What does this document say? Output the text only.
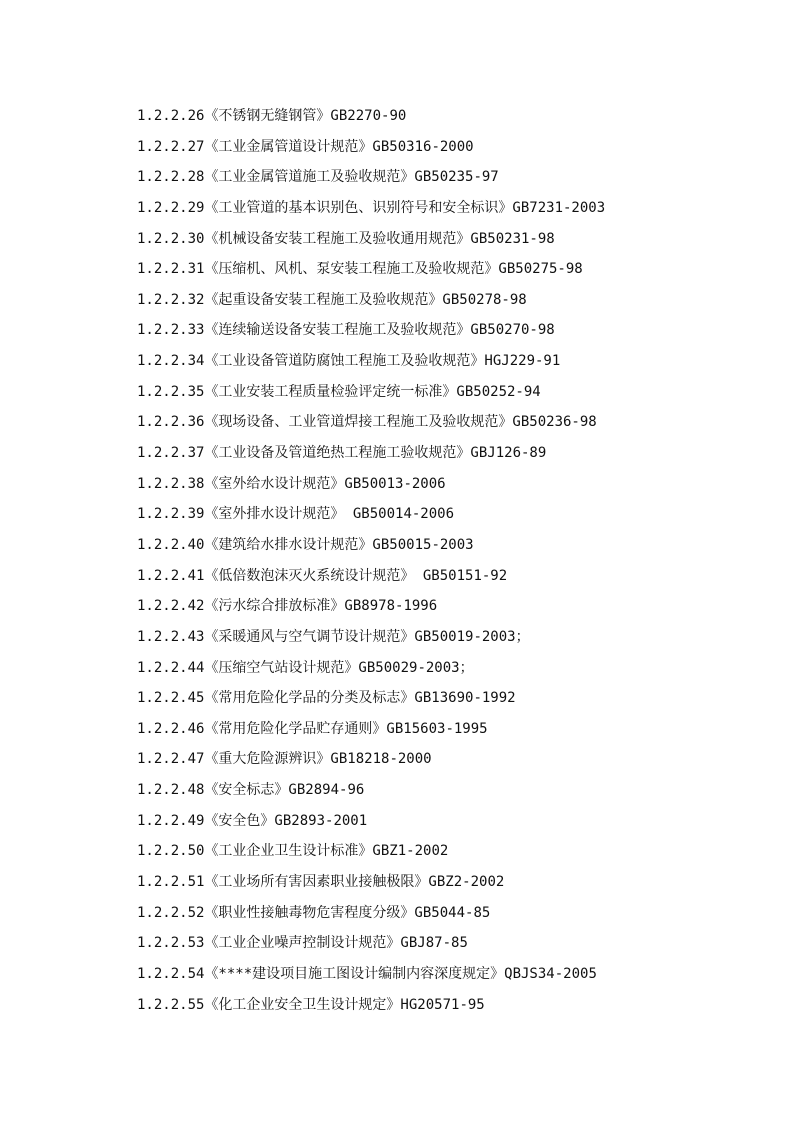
1.2.2.26《不锈钢无缝钢管》GB2270-90
1.2.2.27《工业金属管道设计规范》GB50316-2000
1.2.2.28《工业金属管道施工及验收规范》GB50235-97
1.2.2.29《工业管道的基本识别色、识别符号和安全标识》GB7231-2003
1.2.2.30《机械设备安装工程施工及验收通用规范》GB50231-98
1.2.2.31《压缩机、风机、泵安装工程施工及验收规范》GB50275-98
1.2.2.32《起重设备安装工程施工及验收规范》GB50278-98
1.2.2.33《连续输送设备安装工程施工及验收规范》GB50270-98
1.2.2.34《工业设备管道防腐蚀工程施工及验收规范》HGJ229-91
1.2.2.35《工业安装工程质量检验评定统一标准》GB50252-94
1.2.2.36《现场设备、工业管道焊接工程施工及验收规范》GB50236-98
1.2.2.37《工业设备及管道绝热工程施工验收规范》GBJ126-89
1.2.2.38《室外给水设计规范》GB50013-2006
1.2.2.39《室外排水设计规范》 GB50014-2006
1.2.2.40《建筑给水排水设计规范》GB50015-2003
1.2.2.41《低倍数泡沫灭火系统设计规范》 GB50151-92
1.2.2.42《污水综合排放标准》GB8978-1996
1.2.2.43《采暖通风与空气调节设计规范》GB50019-2003；
1.2.2.44《压缩空气站设计规范》GB50029-2003；
1.2.2.45《常用危险化学品的分类及标志》GB13690-1992
1.2.2.46《常用危险化学品贮存通则》GB15603-1995
1.2.2.47《重大危险源辨识》GB18218-2000
1.2.2.48《安全标志》GB2894-96
1.2.2.49《安全色》GB2893-2001
1.2.2.50《工业企业卫生设计标准》GBZ1-2002
1.2.2.51《工业场所有害因素职业接触极限》GBZ2-2002
1.2.2.52《职业性接触毒物危害程度分级》GB5044-85
1.2.2.53《工业企业噪声控制设计规范》GBJ87-85
1.2.2.54《****建设项目施工图设计编制内容深度规定》QBJS34-2005
1.2.2.55《化工企业安全卫生设计规定》HG20571-95
